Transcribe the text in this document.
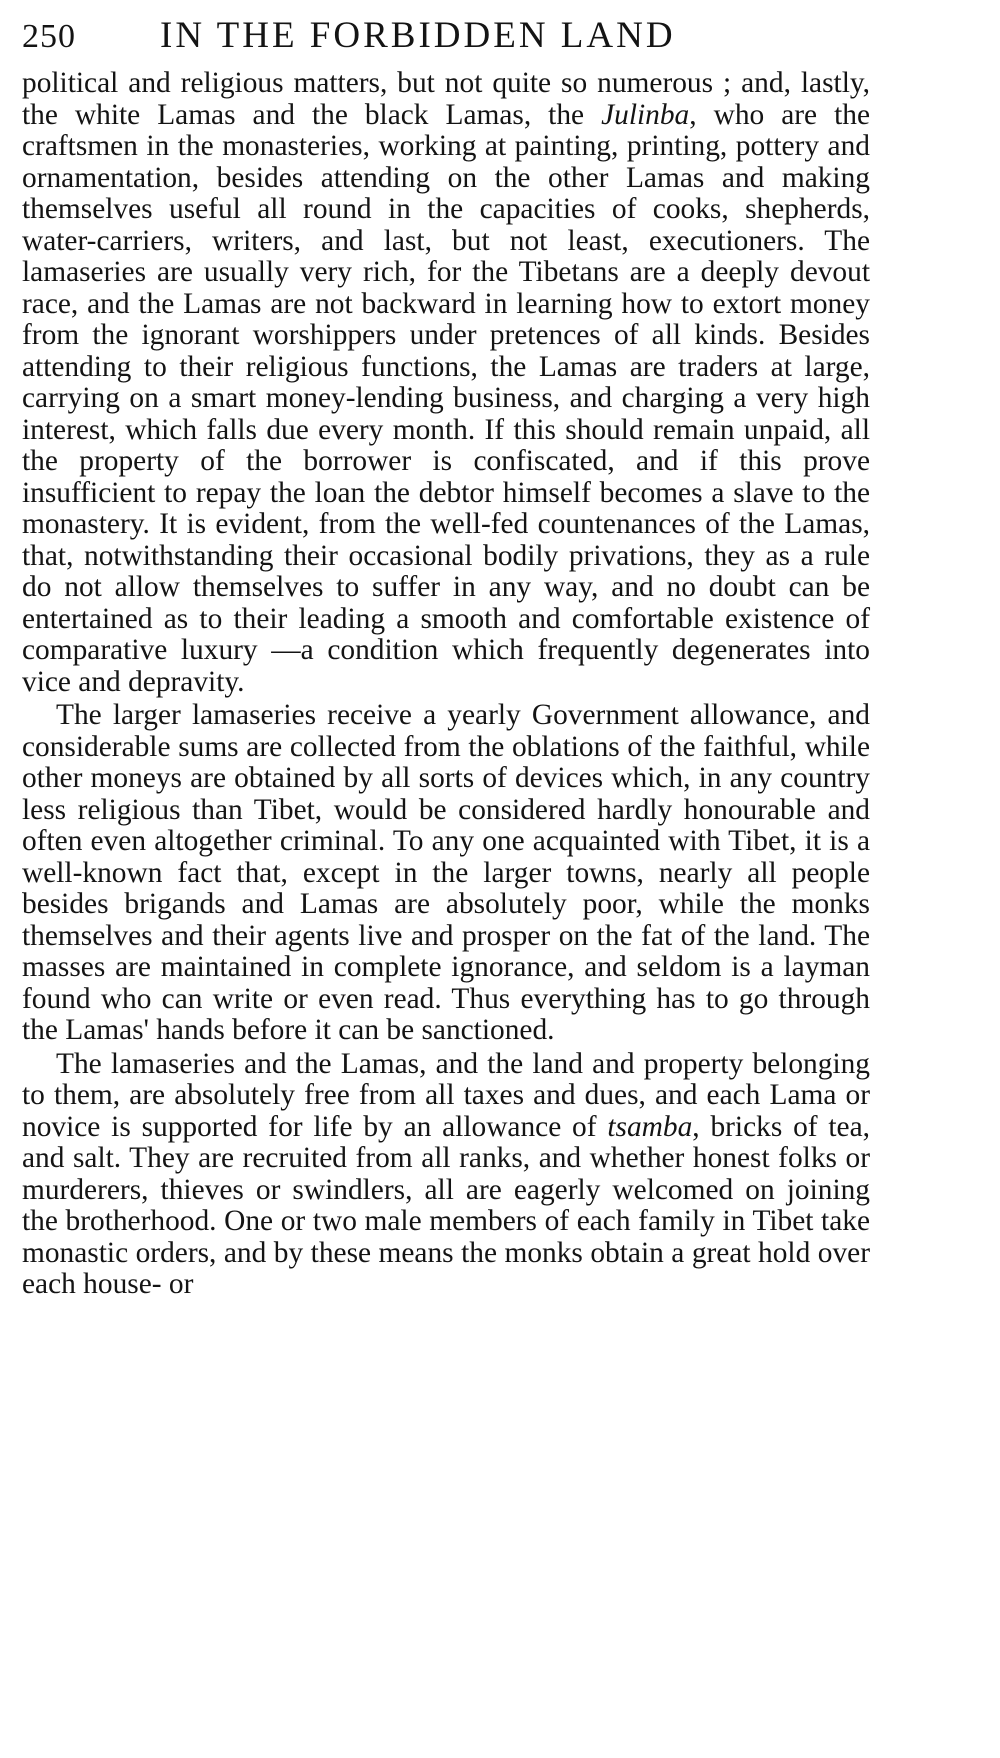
250	IN THE FORBIDDEN LAND

political and religious matters, but not quite so numerous ; and, lastly, the white Lamas and the black Lamas, the Julinba, who are the craftsmen in the monasteries, working at painting, printing, pottery and ornamentation, besides attending on the other Lamas and making themselves useful all round in the capacities of cooks, shepherds, water-carriers, writers, and last, but not least, executioners. The lamaseries are usually very rich, for the Tibetans are a deeply devout race, and the Lamas are not backward in learning how to extort money from the ignorant worshippers under pretences of all kinds. Besides attending to their religious functions, the Lamas are traders at large, carrying on a smart money-lending business, and charging a very high interest, which falls due every month. If this should remain unpaid, all the property of the borrower is confiscated, and if this prove insufficient to repay the loan the debtor himself becomes a slave to the monastery. It is evident, from the well-fed countenances of the Lamas, that, notwithstanding their occasional bodily privations, they as a rule do not allow themselves to suffer in any way, and no doubt can be entertained as to their leading a smooth and comfortable existence of comparative luxury —a condition which frequently degenerates into vice and depravity.

The larger lamaseries receive a yearly Government allowance, and considerable sums are collected from the oblations of the faithful, while other moneys are obtained by all sorts of devices which, in any country less religious than Tibet, would be considered hardly honourable and often even altogether criminal. To any one acquainted with Tibet, it is a well-known fact that, except in the larger towns, nearly all people besides brigands and Lamas are absolutely poor, while the monks themselves and their agents live and prosper on the fat of the land. The masses are maintained in complete ignorance, and seldom is a layman found who can write or even read. Thus everything has to go through the Lamas' hands before it can be sanctioned.

The lamaseries and the Lamas, and the land and property belonging to them, are absolutely free from all taxes and dues, and each Lama or novice is supported for life by an allowance of tsamba, bricks of tea, and salt. They are recruited from all ranks, and whether honest folks or murderers, thieves or swindlers, all are eagerly welcomed on joining the brotherhood. One or two male members of each family in Tibet take monastic orders, and by these means the monks obtain a great hold over each house- or
